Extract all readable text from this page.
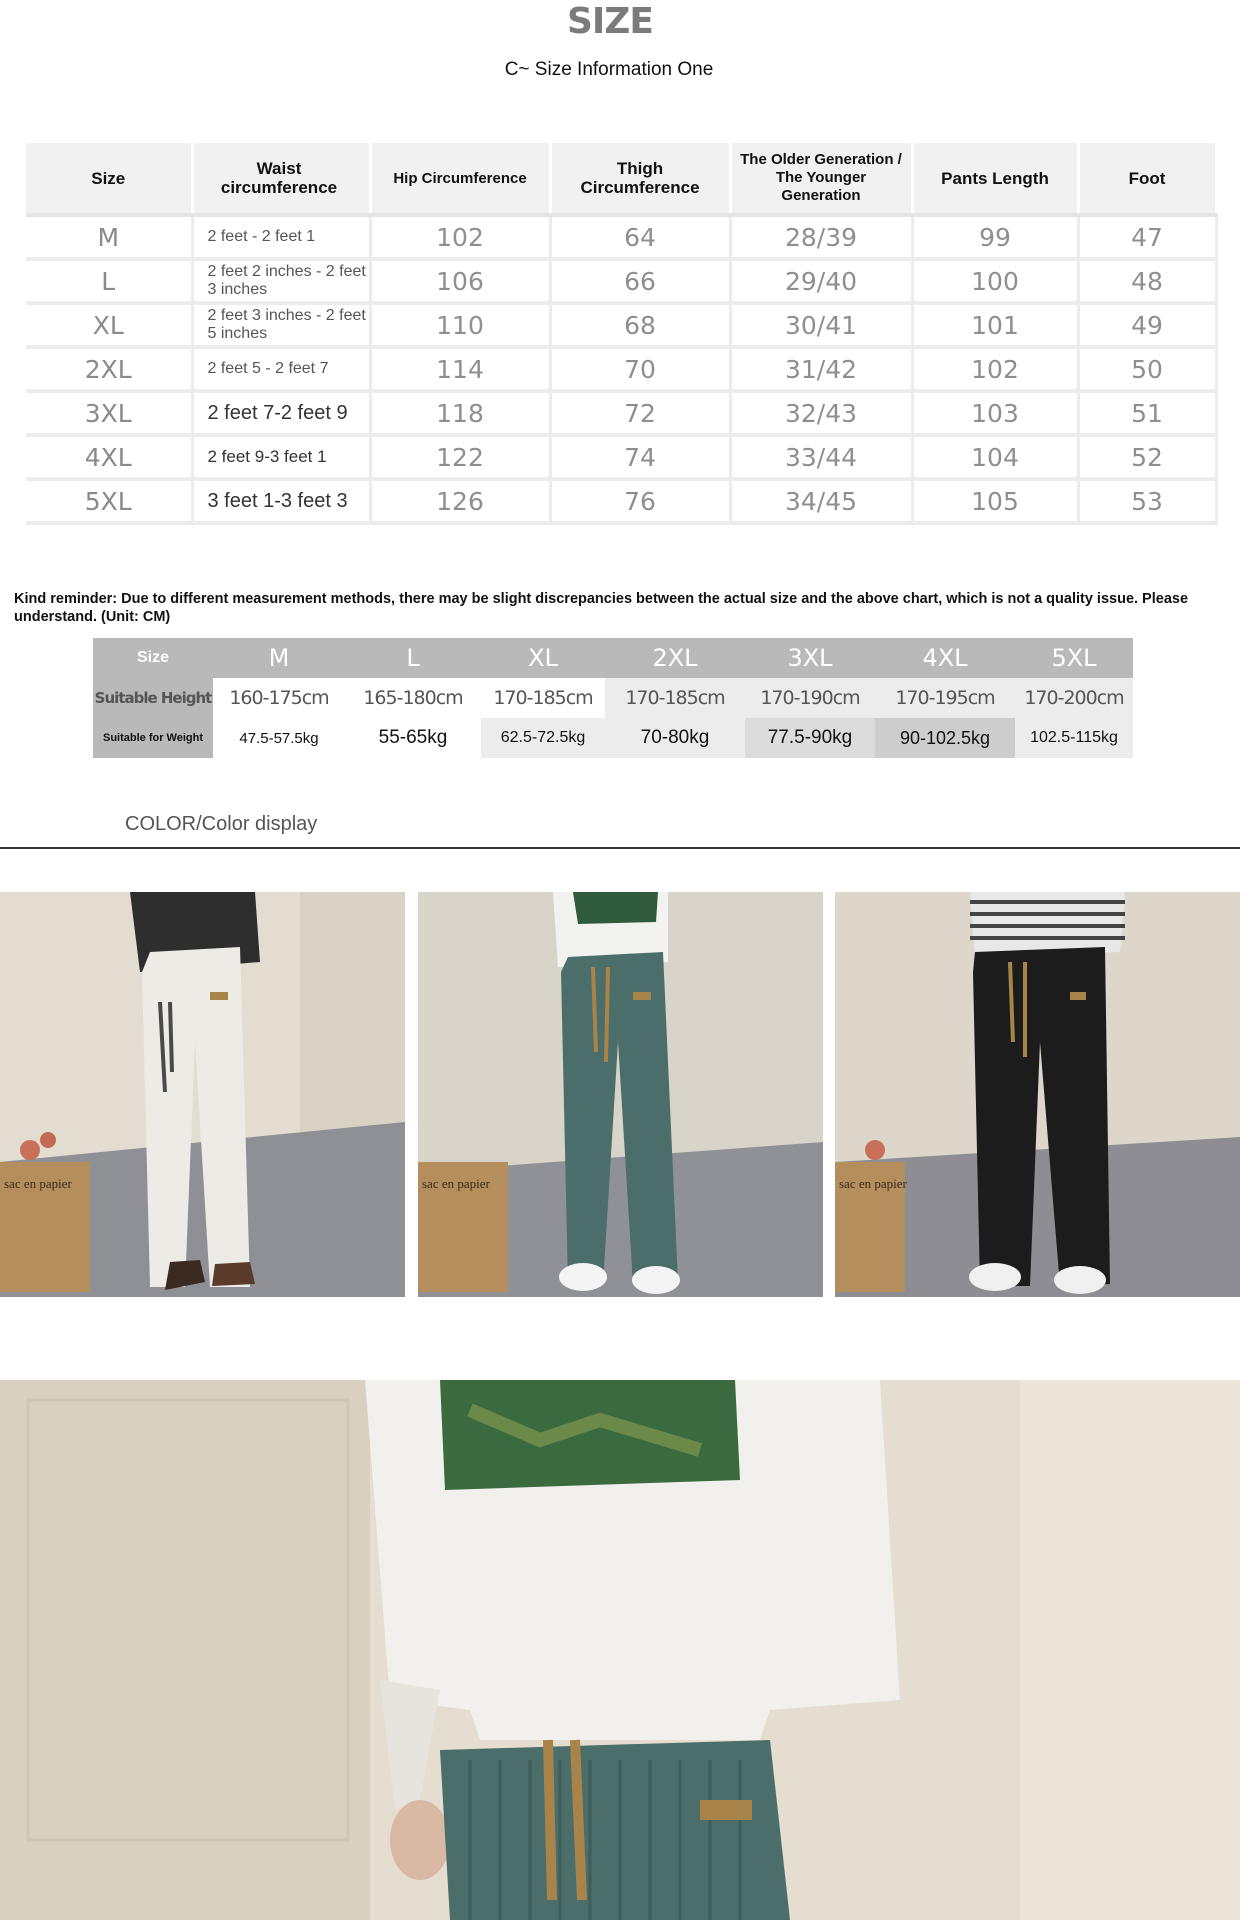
SIZE
C~ Size Information One
Size	Waist circumference	Hip Circumference	Thigh Circumference	The Older Generation / The Younger Generation	Pants Length	Foot
M	2 feet - 2 feet 1	102	64	28/39	99	47
L	2 feet 2 inches - 2 feet 3 inches	106	66	29/40	100	48
XL	2 feet 3 inches - 2 feet 5 inches	110	68	30/41	101	49
2XL	2 feet 5 - 2 feet 7	114	70	31/42	102	50
3XL	2 feet 7-2 feet 9	118	72	32/43	103	51
4XL	2 feet 9-3 feet 1	122	74	33/44	104	52
5XL	3 feet 1-3 feet 3	126	76	34/45	105	53
Kind reminder: Due to different measurement methods, there may be slight discrepancies between the actual size and the above chart, which is not a quality issue. Please understand. (Unit: CM)
Size	M	L	XL	2XL	3XL	4XL	5XL
Suitable Height	160-175cm	165-180cm	170-185cm	170-185cm	170-190cm	170-195cm	170-200cm
Suitable for Weight	47.5-57.5kg	55-65kg	62.5-72.5kg	70-80kg	77.5-90kg	90-102.5kg	102.5-115kg
COLOR/Color display
sac en papier	sac en papier	sac en papier
